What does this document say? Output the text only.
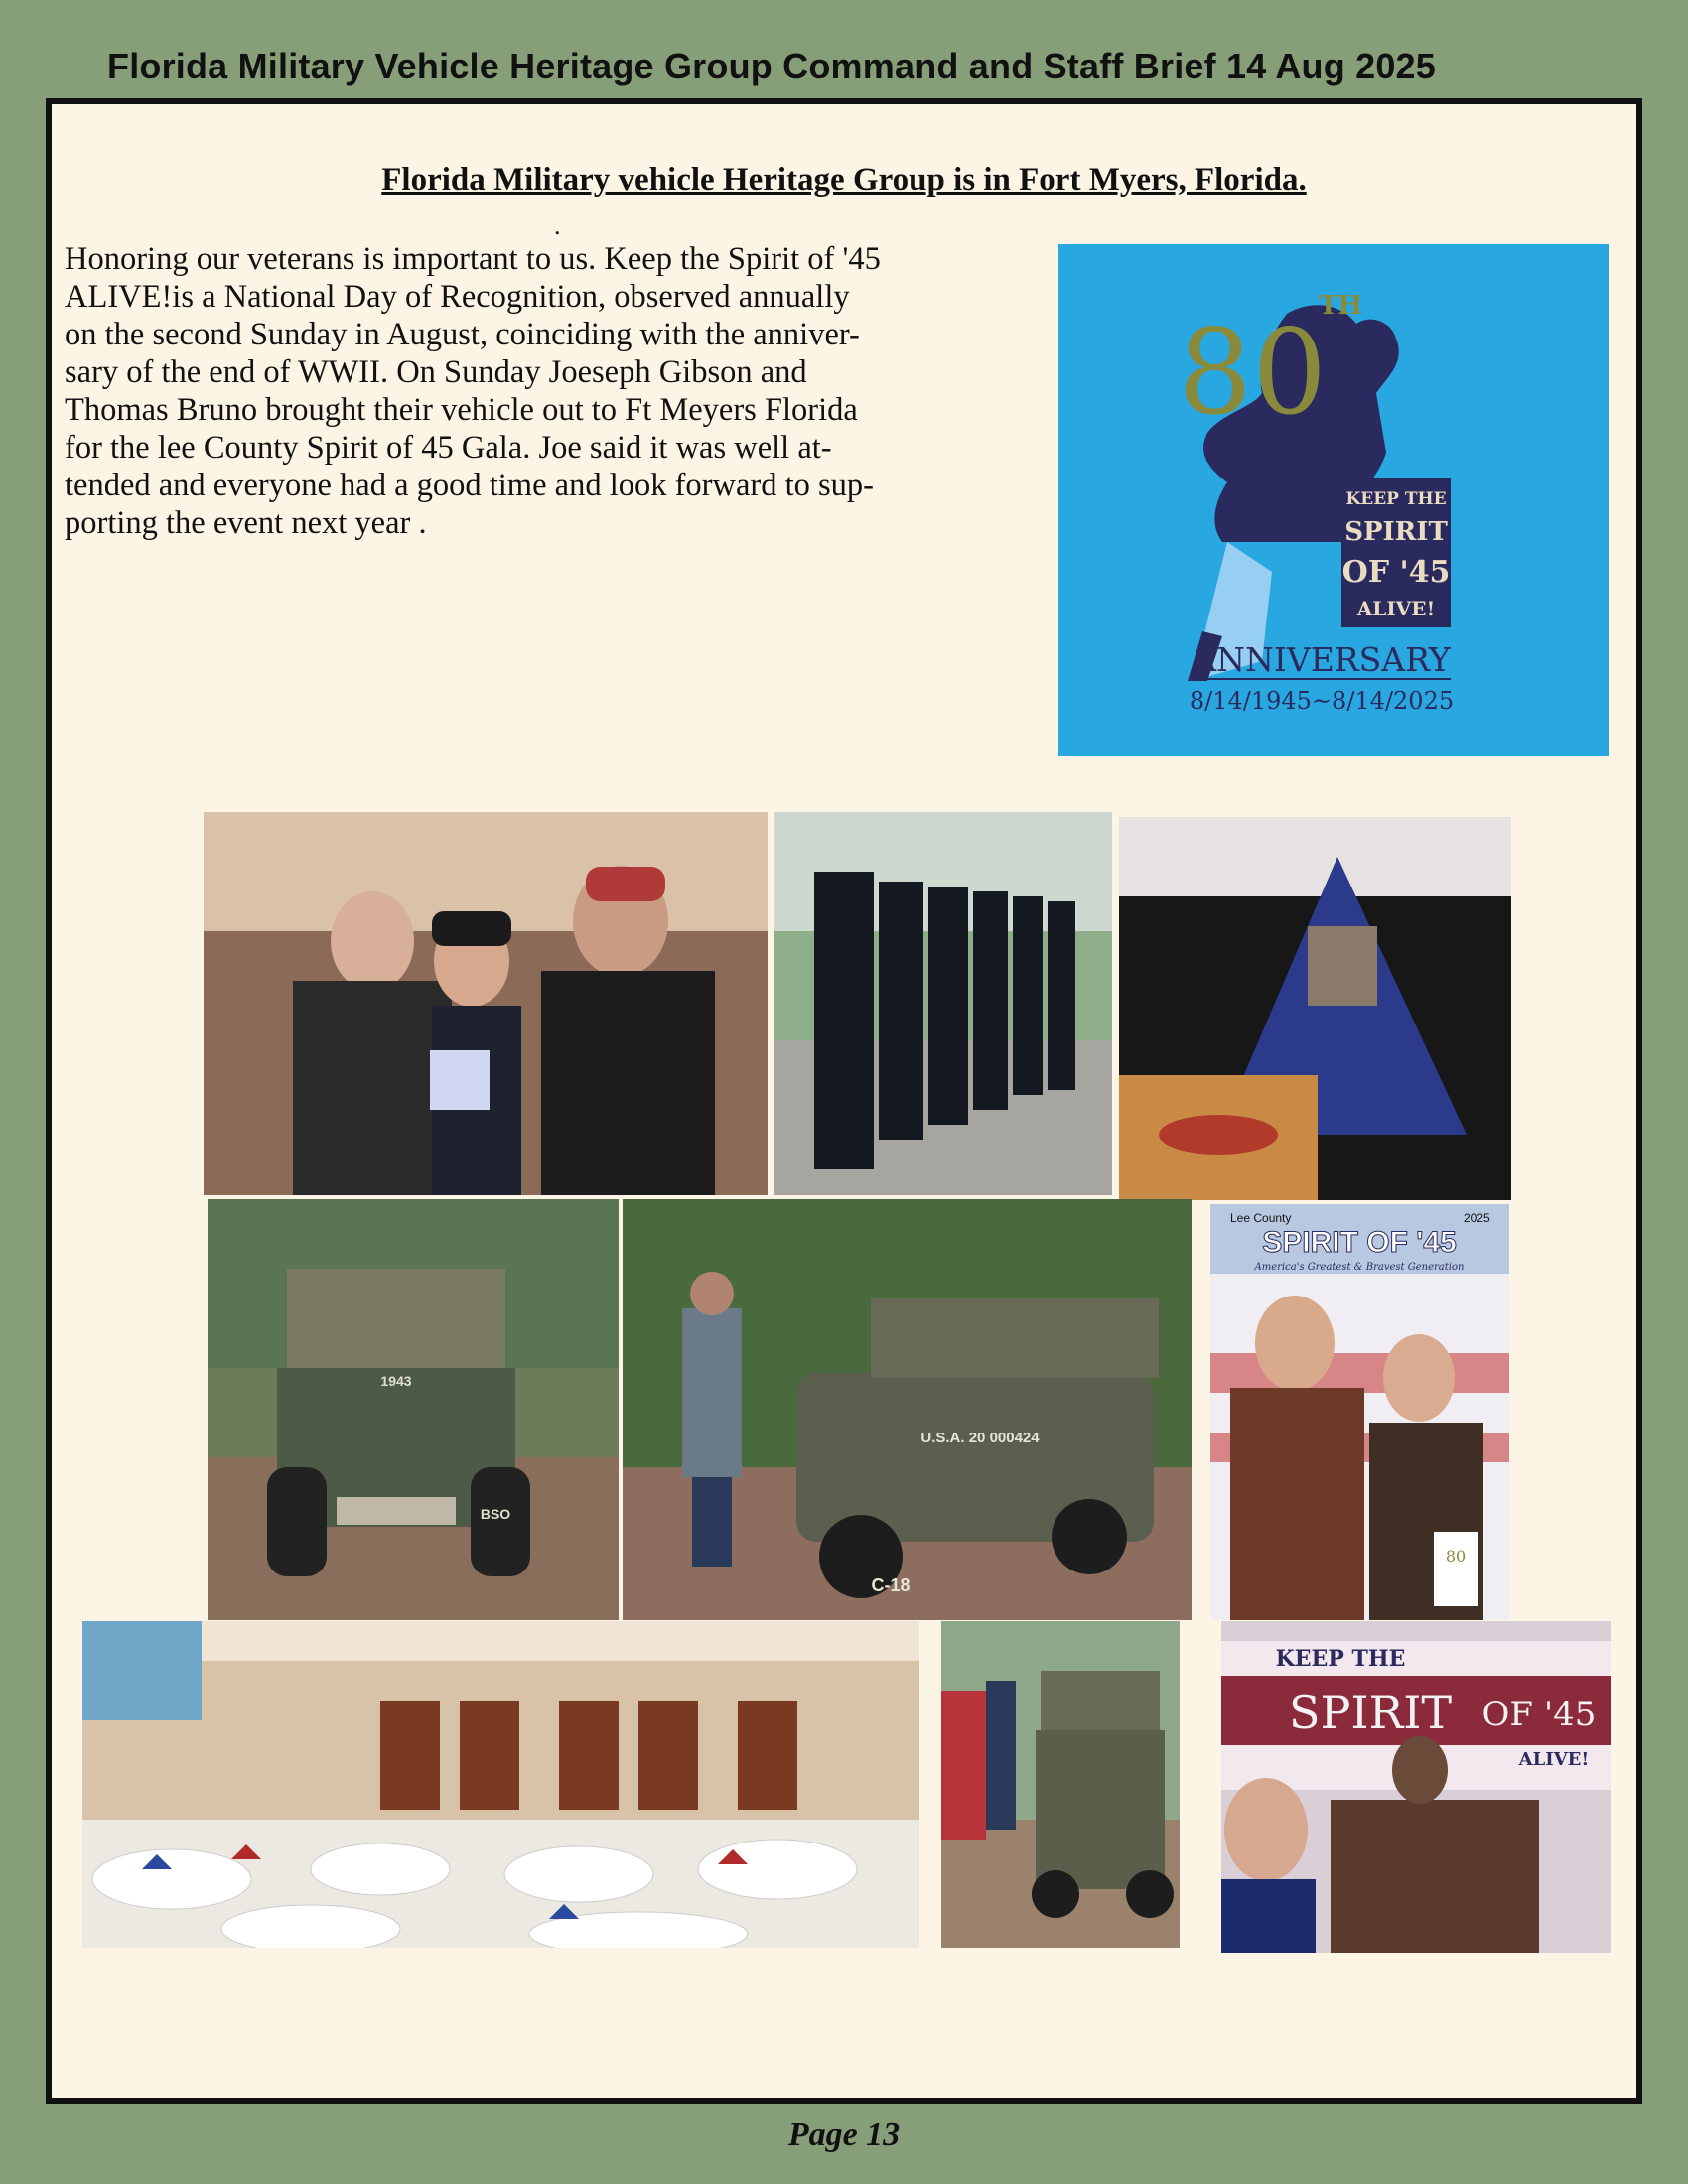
Florida Military Vehicle Heritage Group Command and Staff Brief 14 Aug 2025
Florida Military vehicle Heritage Group is in Fort Myers, Florida.
.
Honoring our veterans is important to us. Keep the Spirit of '45
ALIVE!is a National Day of Recognition, observed annually
on the second Sunday in August, coinciding with the anniver-
sary of the end of WWII. On Sunday Joeseph Gibson and
Thomas Bruno brought their vehicle out to Ft Meyers Florida
for the lee County Spirit of 45 Gala. Joe said it was well at-
tended and everyone had a good time and look forward to sup-
porting the event next year .
80
TH
KEEP THE
SPIRIT
OF '45
ALIVE!
ANNIVERSARY
8/14/1945~8/14/2025
1943
BSO
U.S.A. 20 000424
C-18
Lee County	2025
SPIRIT OF '45
America's Greatest & Bravest Generation
80
KEEP THE
SPIRIT OF '45
ALIVE!
Page 13
